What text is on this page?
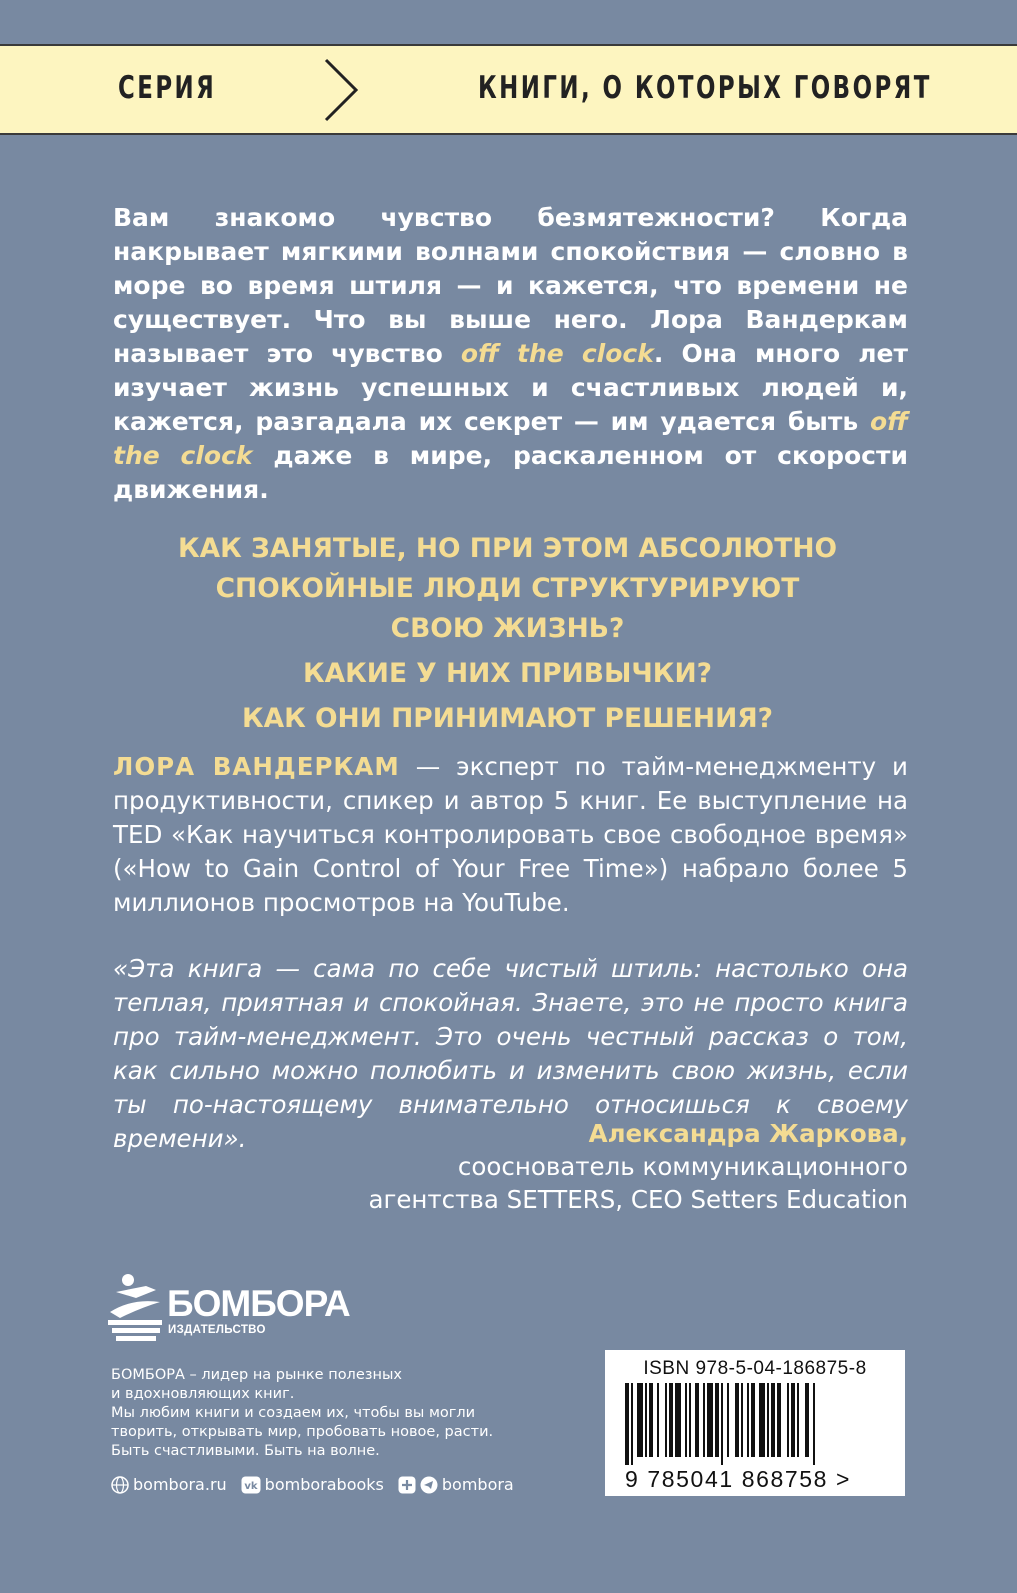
СЕРИЯ	КНИГИ, О КОТОРЫХ ГОВОРЯТ
Вам знакомо чувство безмятежности? Когда накрывает мягкими волнами спокойствия — словно в море во время штиля — и кажется, что времени не существует. Что вы выше него. Лора Вандеркам называет это чувство off the clock. Она много лет изучает жизнь успешных и счастливых людей и, кажется, разгадала их секрет — им удается быть off the clock даже в мире, раскаленном от скорости движения.
КАК ЗАНЯТЫЕ, НО ПРИ ЭТОМ АБСОЛЮТНО СПОКОЙНЫЕ ЛЮДИ СТРУКТУРИРУЮТ СВОЮ ЖИЗНЬ?
КАКИЕ У НИХ ПРИВЫЧКИ?
КАК ОНИ ПРИНИМАЮТ РЕШЕНИЯ?
ЛОРА ВАНДЕРКАМ — эксперт по тайм-менеджменту и продуктивности, спикер и автор 5 книг. Ее выступление на TED «Как научиться контролировать свое свободное время» («How to Gain Control of Your Free Time») набрало более 5 миллионов просмотров на YouTube.
«Эта книга — сама по себе чистый штиль: настолько она теплая, приятная и спокойная. Знаете, это не просто книга про тайм-менеджмент. Это очень честный рассказ о том, как сильно можно полюбить и изменить свою жизнь, если ты по-настоящему внимательно относишься к своему времени».	Александра Жаркова,
сооснователь коммуникационного
агентства SETTERS, CEO Setters Education
БОМБОРА
ИЗДАТЕЛЬСТВО
БОМБОРА – лидер на рынке полезных
и вдохновляющих книг.
Мы любим книги и создаем их, чтобы вы могли
творить, открывать мир, пробовать новое, расти.
Быть счастливыми. Быть на волне.
bombora.ru vk bomborabooks	bombora
ISBN 978-5-04-186875-8
9 785041 868758 >
